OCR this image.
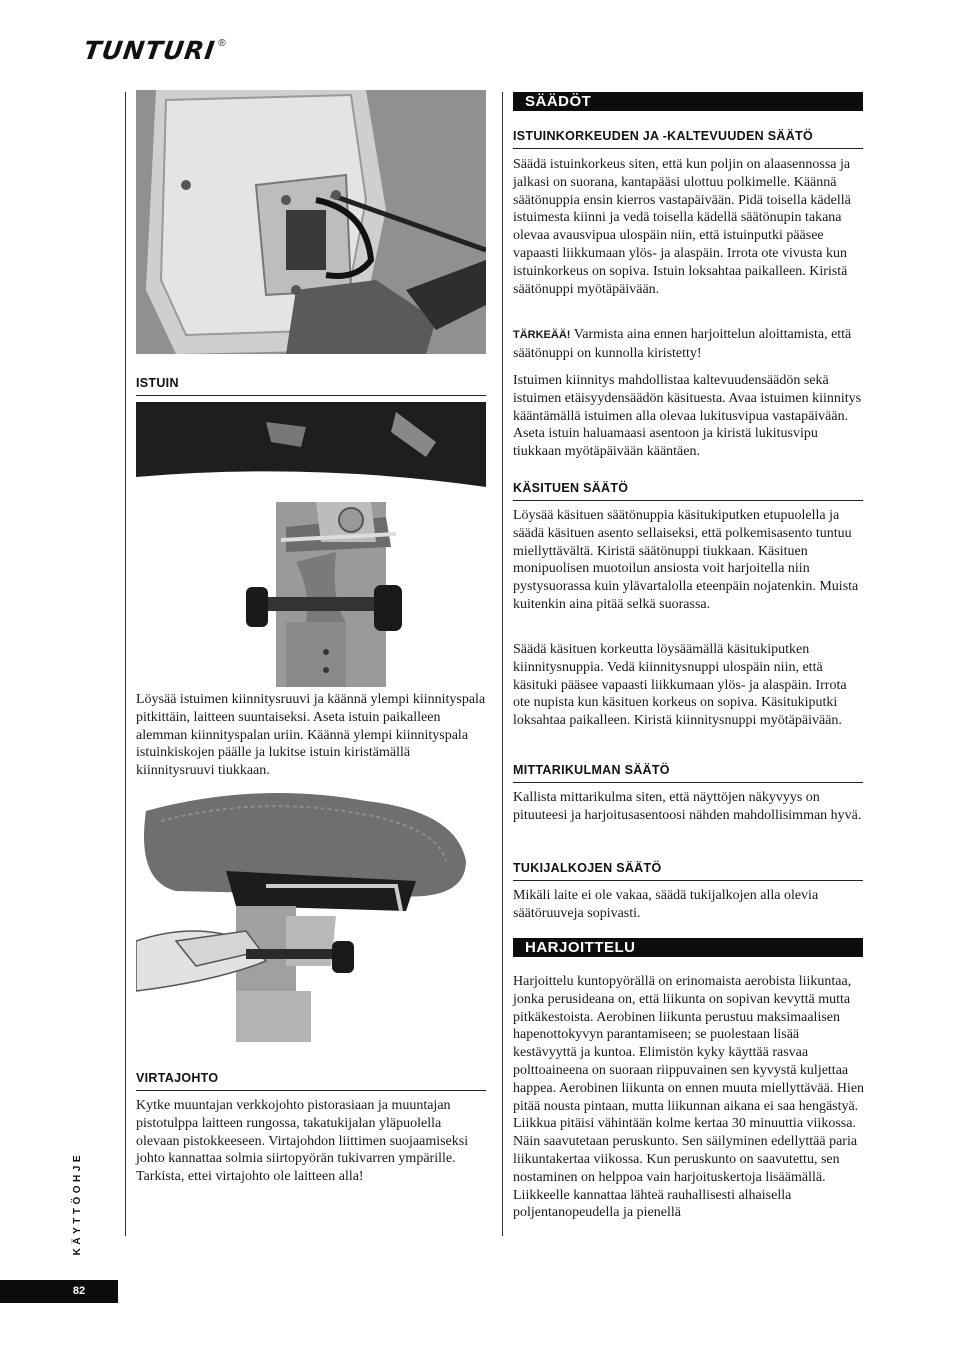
TUNTURI ®
ISTUIN

Löysää istuimen kiinnitysruuvi ja käännä ylempi kiinnityspala pitkittäin, laitteen suuntaiseksi. Aseta istuin paikalleen alemman kiinnityspalan uriin. Käännä ylempi kiinnityspala istuinkiskojen päälle ja lukitse istuin kiristämällä kiinnitysruuvi tiukkaan.

VIRTAJOHTO

Kytke muuntajan verkkojohto pistorasiaan ja muuntajan pistotulppa laitteen rungossa, takatukijalan yläpuolella olevaan pistokkeeseen. Virtajohdon liittimen suojaamiseksi johto kannattaa solmia siirtopyörän tukivarren ympärille. Tarkista, ettei virtajohto ole laitteen alla!

SÄÄDÖT
ISTUINKORKEUDEN JA -KALTEVUUDEN SÄÄTÖ

Säädä istuinkorkeus siten, että kun poljin on alaasennossa ja jalkasi on suorana, kantapääsi ulottuu polkimelle. Käännä säätönuppia ensin kierros vastapäivään. Pidä toisella kädellä istuimesta kiinni ja vedä toisella kädellä säätönupin takana olevaa avausvipua ulospäin niin, että istuinputki pääsee vapaasti liikkumaan ylös- ja alaspäin. Irrota ote vivusta kun istuinkorkeus on sopiva. Istuin loksahtaa paikalleen. Kiristä säätönuppi myötäpäivään.

TÄRKEÄÄ! Varmista aina ennen harjoittelun aloittamista, että säätönuppi on kunnolla kiristetty!

Istuimen kiinnitys mahdollistaa kaltevuudensäädön sekä istuimen etäisyydensäädön käsituesta. Avaa istuimen kiinnitys kääntämällä istuimen alla olevaa lukitusvipua vastapäivään. Aseta istuin haluamaasi asentoon ja kiristä lukitusvipu tiukkaan myötäpäivään kääntäen.

KÄSITUEN SÄÄTÖ

Löysää käsituen säätönuppia käsitukiputken etupuolella ja säädä käsituen asento sellaiseksi, että polkemisasento tuntuu miellyttävältä. Kiristä säätönuppi tiukkaan. Käsituen monipuolisen muotoilun ansiosta voit harjoitella niin pystysuorassa kuin ylävartalolla eteenpäin nojatenkin. Muista kuitenkin aina pitää selkä suorassa.

Säädä käsituen korkeutta löysäämällä käsitukiputken kiinnitysnuppia. Vedä kiinnitysnuppi ulospäin niin, että käsituki pääsee vapaasti liikkumaan ylös- ja alaspäin. Irrota ote nupista kun käsituen korkeus on sopiva. Käsitukiputki loksahtaa paikalleen. Kiristä kiinnitysnuppi myötäpäivään.

MITTARIKULMAN SÄÄTÖ

Kallista mittarikulma siten, että näyttöjen näkyvyys on pituuteesi ja harjoitusasentoosi nähden mahdollisimman hyvä.

TUKIJALKOJEN SÄÄTÖ

Mikäli laite ei ole vakaa, säädä tukijalkojen alla olevia säätöruuveja sopivasti.

HARJOITTELU

Harjoittelu kuntopyörällä on erinomaista aerobista liikuntaa, jonka perusideana on, että liikunta on sopivan kevyttä mutta pitkäkestoista. Aerobinen liikunta perustuu maksimaalisen hapenottokyvyn parantamiseen; se puolestaan lisää kestävyyttä ja kuntoa. Elimistön kyky käyttää rasvaa polttoaineena on suoraan riippuvainen sen kyvystä kuljettaa happea. Aerobinen liikunta on ennen muuta miellyttävää. Hien pitää nousta pintaan, mutta liikunnan aikana ei saa hengästyä. Liikkua pitäisi vähintään kolme kertaa 30 minuuttia viikossa. Näin saavutetaan peruskunto. Sen säilyminen edellyttää paria liikuntakertaa viikossa. Kun peruskunto on saavutettu, sen nostaminen on helppoa vain harjoituskertoja lisäämällä. Liikkeelle kannattaa lähteä rauhallisesti alhaisella poljentanopeudella ja pienellä

KÄYTTÖOHJE
82
